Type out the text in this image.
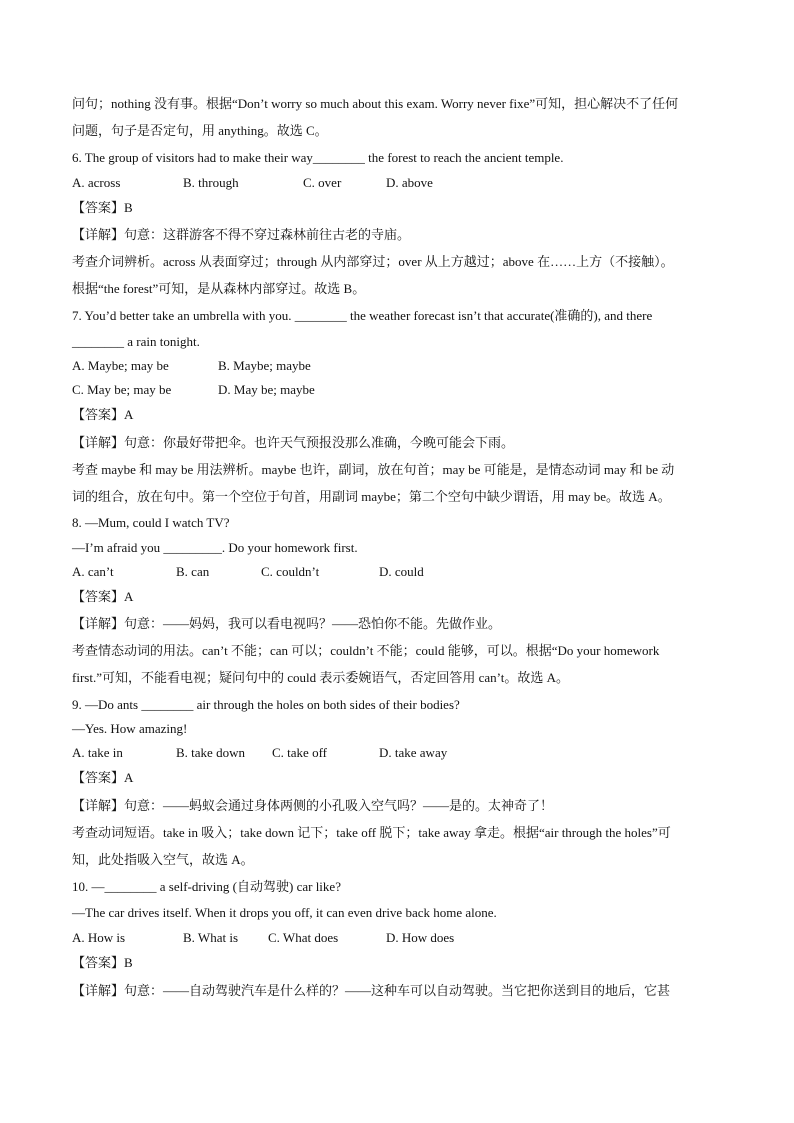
问句；nothing 没有事。根据“Don’t worry so much about this exam. Worry never fixe”可知，担心解决不了任何
问题，句子是否定句，用 anything。故选 C。
6. The group of visitors had to make their way________ the forest to reach the ancient temple.
A. across	B. through	C. over	D. above
【答案】B
【详解】句意：这群游客不得不穿过森林前往古老的寺庙。
考查介词辨析。across 从表面穿过；through 从内部穿过；over 从上方越过；above 在……上方（不接触）。
根据“the forest”可知，是从森林内部穿过。故选 B。
7. You’d better take an umbrella with you. ________ the weather forecast isn’t that accurate(准确的), and there
________ a rain tonight.
A. Maybe; may be	B. Maybe; maybe
C. May be; may be	D. May be; maybe
【答案】A
【详解】句意：你最好带把伞。也许天气预报没那么准确，今晚可能会下雨。
考查 maybe 和 may be 用法辨析。maybe 也许，副词，放在句首；may be 可能是，是情态动词 may 和 be 动
词的组合，放在句中。第一个空位于句首，用副词 maybe；第二个空句中缺少谓语，用 may be。故选 A。
8. —Mum, could I watch TV?
—I’m afraid you _________. Do your homework first.
A. can’t	B. can	C. couldn’t	D. could
【答案】A
【详解】句意：——妈妈，我可以看电视吗？——恐怕你不能。先做作业。
考查情态动词的用法。can’t 不能；can 可以；couldn’t 不能；could 能够，可以。根据“Do your homework
first.”可知，不能看电视；疑问句中的 could 表示委婉语气，否定回答用 can’t。故选 A。
9. —Do ants ________ air through the holes on both sides of their bodies?
—Yes. How amazing!
A. take in	B. take down C. take off	D. take away
【答案】A
【详解】句意：——蚂蚁会通过身体两侧的小孔吸入空气吗？——是的。太神奇了！
考查动词短语。take in 吸入；take down 记下；take off 脱下；take away 拿走。根据“air through the holes”可
知，此处指吸入空气，故选 A。
10. —________ a self-driving (自动驾驶) car like?
—The car drives itself. When it drops you off, it can even drive back home alone.
A. How is	B. What is C. What does	D. How does
【答案】B
【详解】句意：——自动驾驶汽车是什么样的？——这种车可以自动驾驶。当它把你送到目的地后，它甚
